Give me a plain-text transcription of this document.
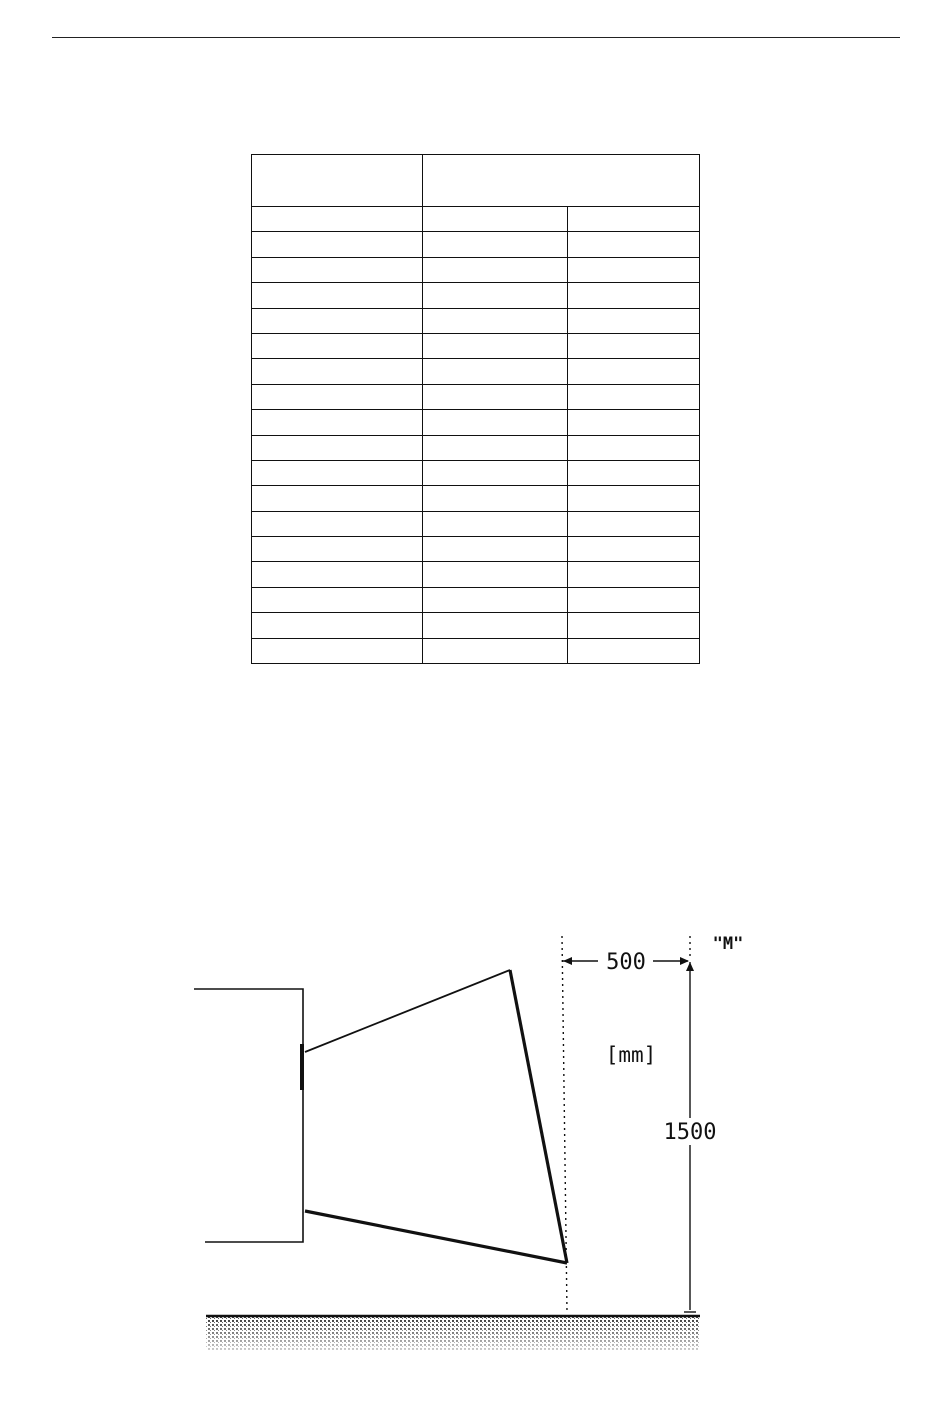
500
"M"
[mm]
1500
